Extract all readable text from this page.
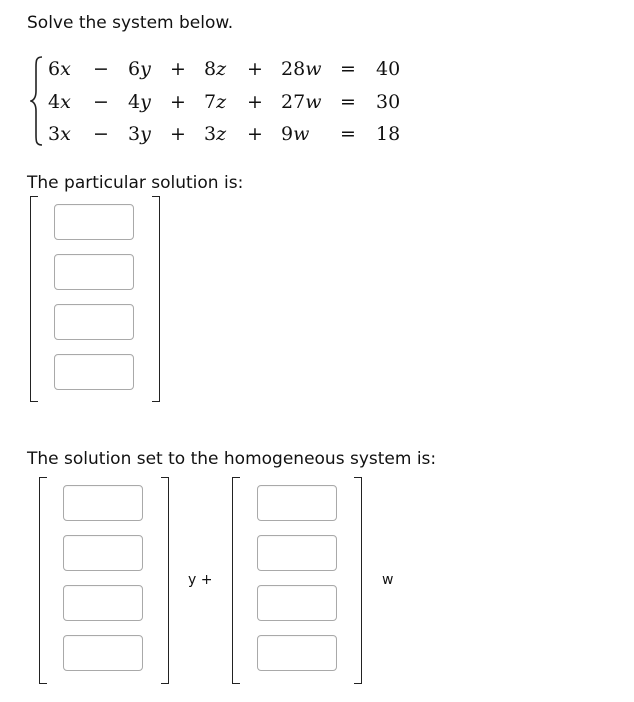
Solve the system below.
6x − 6y + 8z + 28w = 40
4x − 4y + 7z + 27w = 30
3x − 3y + 3z + 9w = 18
The particular solution is:
The solution set to the homogeneous system is:
y +	w
